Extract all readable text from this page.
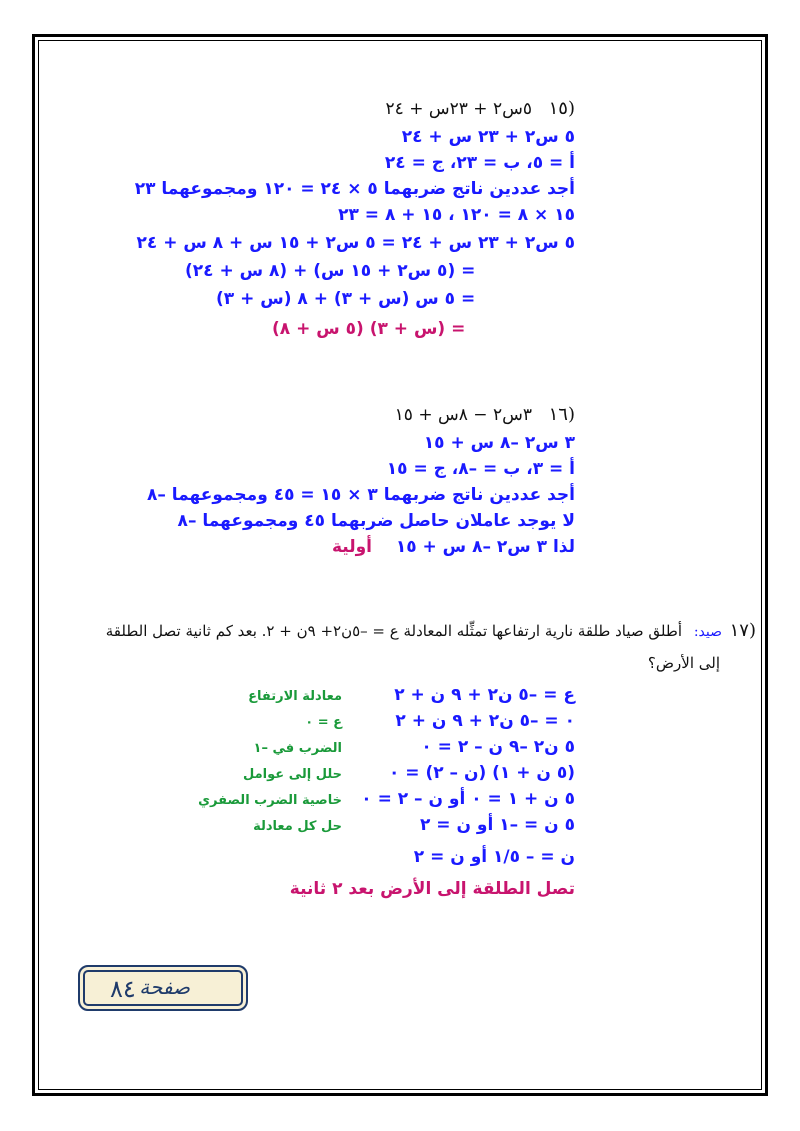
١٥)
٥س٢ + ٢٣س + ٢٤
٥ س٢ + ٢٣ س + ٢٤
أ = ٥، ب = ٢٣، ج = ٢٤
أجد عددين ناتج ضربهما ٥ × ٢٤ = ١٢٠ ومجموعهما ٢٣
١٥ × ٨ = ١٢٠ ، ١٥ + ٨ = ٢٣
٥ س٢ + ٢٣ س + ٢٤ = ٥ س٢ + ١٥ س + ٨ س + ٢٤
= (٥ س٢ + ١٥ س) + (٨ س + ٢٤)
= ٥ س (س + ٣) + ٨ (س + ٣)
= (س + ٣) (٥ س + ٨)
١٦)
٣س٢ − ٨س + ١٥
٣ س٢ –٨ س + ١٥
أ = ٣، ب = –٨، ج = ١٥
أجد عددين ناتج ضربهما ٣ × ١٥ = ٤٥ ومجموعهما –٨
لا يوجد عاملان حاصل ضربهما ٤٥ ومجموعهما –٨
لذا ٣ س٢ –٨ س + ١٥
أولية
١٧)
صيد:
أطلق صياد طلقة نارية ارتفاعها تمثِّله المعادلة ع = –٥ن٢+ ٩ن + ٢. بعد كم ثانية تصل الطلقة
إلى الأرض؟
ع = –٥ ن٢ + ٩ ن + ٢
معادلة الارتفاع
٠ = –٥ ن٢ + ٩ ن + ٢
ع = ٠
٥ ن٢ –٩ ن – ٢ = ٠
الضرب في –١
(٥ ن + ١) (ن – ٢) = ٠
حلل إلى عوامل
٥ ن + ١ = ٠ أو ن – ٢ = ٠
خاصية الضرب الصفري
٥ ن = –١ أو ن = ٢
حل كل معادلة
ن = – ١/٥ أو ن = ٢
تصل الطلقة إلى الأرض بعد ٢ ثانية
صفحة
٨٤
